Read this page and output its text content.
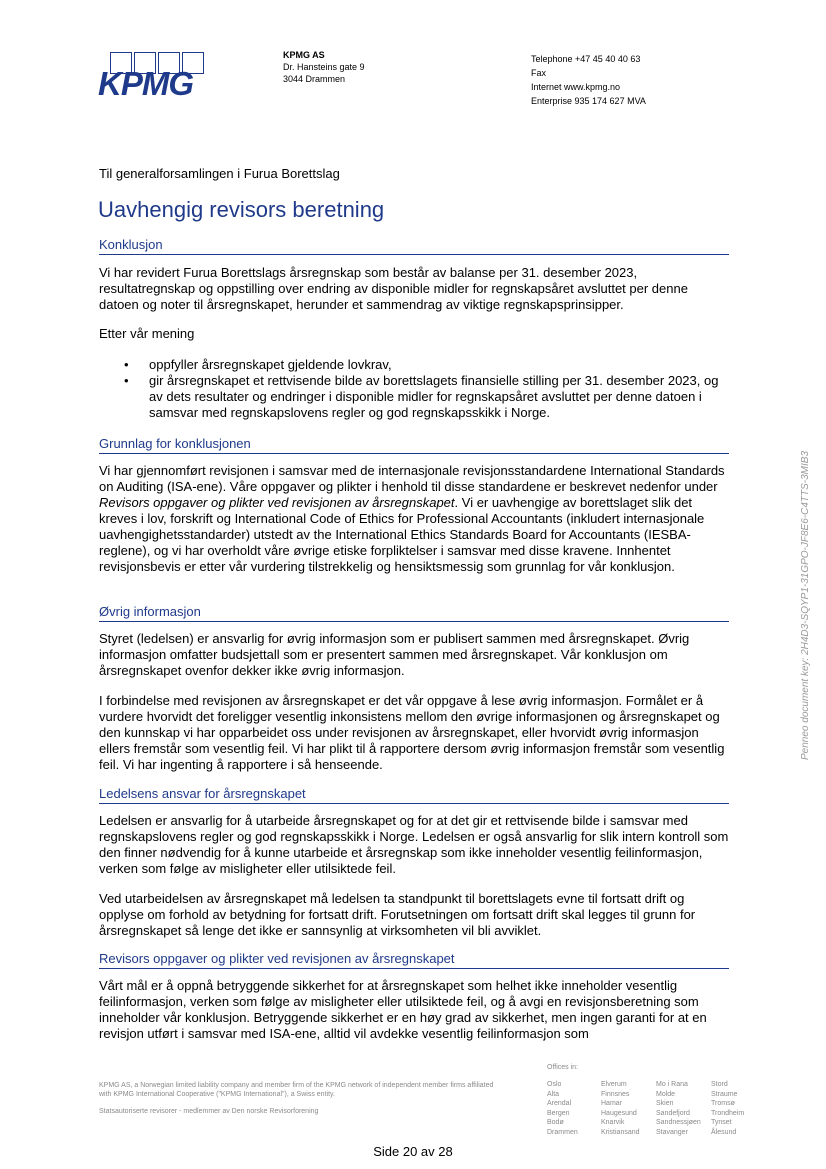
KPMG
KPMG AS
Dr. Hansteins gate 9
3044 Drammen
Telephone +47 45 40 40 63
Fax
Internet www.kpmg.no
Enterprise 935 174 627 MVA
Til generalforsamlingen i Furua Borettslag
Uavhengig revisors beretning
Konklusjon
Vi har revidert Furua Borettslags årsregnskap som består av balanse per 31. desember 2023, resultatregnskap og oppstilling over endring av disponible midler for regnskapsåret avsluttet per denne datoen og noter til årsregnskapet, herunder et sammendrag av viktige regnskapsprinsipper.
Etter vår mening
• oppfyller årsregnskapet gjeldende lovkrav,
• gir årsregnskapet et rettvisende bilde av borettslagets finansielle stilling per 31. desember 2023, og av dets resultater og endringer i disponible midler for regnskapsåret avsluttet per denne datoen i samsvar med regnskapslovens regler og god regnskapsskikk i Norge.
Grunnlag for konklusjonen
Vi har gjennomført revisjonen i samsvar med de internasjonale revisjonsstandardene International Standards on Auditing (ISA-ene). Våre oppgaver og plikter i henhold til disse standardene er beskrevet nedenfor under Revisors oppgaver og plikter ved revisjonen av årsregnskapet. Vi er uavhengige av borettslaget slik det kreves i lov, forskrift og International Code of Ethics for Professional Accountants (inkludert internasjonale uavhengighetsstandarder) utstedt av the International Ethics Standards Board for Accountants (IESBA-reglene), og vi har overholdt våre øvrige etiske forpliktelser i samsvar med disse kravene. Innhentet revisjonsbevis er etter vår vurdering tilstrekkelig og hensiktsmessig som grunnlag for vår konklusjon.
Øvrig informasjon
Styret (ledelsen) er ansvarlig for øvrig informasjon som er publisert sammen med årsregnskapet. Øvrig informasjon omfatter budsjettall som er presentert sammen med årsregnskapet. Vår konklusjon om årsregnskapet ovenfor dekker ikke øvrig informasjon.
I forbindelse med revisjonen av årsregnskapet er det vår oppgave å lese øvrig informasjon. Formålet er å vurdere hvorvidt det foreligger vesentlig inkonsistens mellom den øvrige informasjonen og årsregnskapet og den kunnskap vi har opparbeidet oss under revisjonen av årsregnskapet, eller hvorvidt øvrig informasjon ellers fremstår som vesentlig feil. Vi har plikt til å rapportere dersom øvrig informasjon fremstår som vesentlig feil. Vi har ingenting å rapportere i så henseende.
Ledelsens ansvar for årsregnskapet
Ledelsen er ansvarlig for å utarbeide årsregnskapet og for at det gir et rettvisende bilde i samsvar med regnskapslovens regler og god regnskapsskikk i Norge. Ledelsen er også ansvarlig for slik intern kontroll som den finner nødvendig for å kunne utarbeide et årsregnskap som ikke inneholder vesentlig feilinformasjon, verken som følge av misligheter eller utilsiktede feil.
Ved utarbeidelsen av årsregnskapet må ledelsen ta standpunkt til borettslagets evne til fortsatt drift og opplyse om forhold av betydning for fortsatt drift. Forutsetningen om fortsatt drift skal legges til grunn for årsregnskapet så lenge det ikke er sannsynlig at virksomheten vil bli avviklet.
Revisors oppgaver og plikter ved revisjonen av årsregnskapet
Vårt mål er å oppnå betryggende sikkerhet for at årsregnskapet som helhet ikke inneholder vesentlig feilinformasjon, verken som følge av misligheter eller utilsiktede feil, og å avgi en revisjonsberetning som inneholder vår konklusjon. Betryggende sikkerhet er en høy grad av sikkerhet, men ingen garanti for at en revisjon utført i samsvar med ISA-ene, alltid vil avdekke vesentlig feilinformasjon som
Penneo document key: 2H4D3-SQYP1-31GPO-JF8E6-C4TTS-3MIB3
KPMG AS, a Norwegian limited liability company and member firm of the KPMG network of independent member firms affiliated
with KPMG International Cooperative ("KPMG International"), a Swiss entity.
Statsautoriserte revisorer - medlemmer av Den norske Revisorforening
Offices in:
Oslo
Alta
Arendal
Bergen
Bodø
Drammen
Elverum
Finnsnes
Hamar
Haugesund
Knarvik
Kristiansand
Mo i Rana
Molde
Skien
Sandefjord
Sandnessjøen
Stavanger
Stord
Straume
Tromsø
Trondheim
Tynset
Ålesund
Side 20 av 28
